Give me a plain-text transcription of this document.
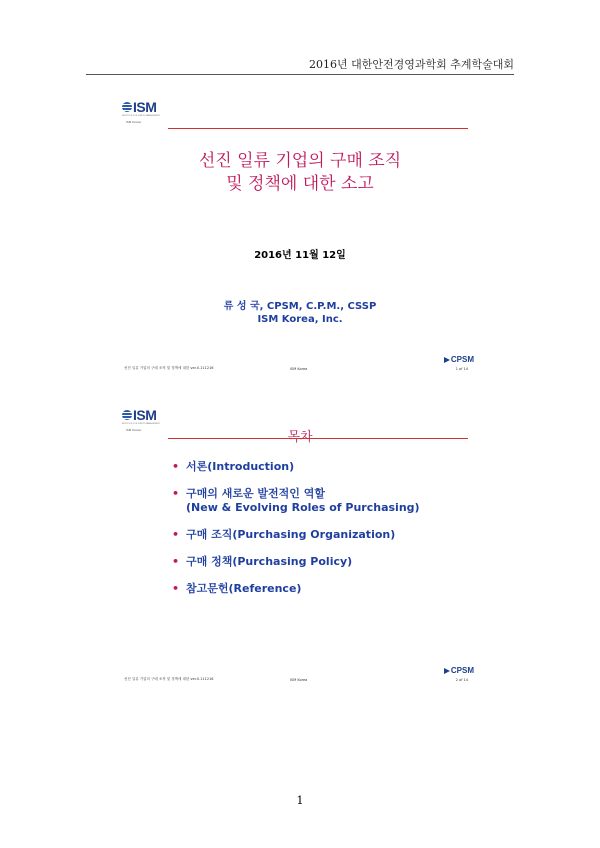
2016년 대한안전경영과학회 추계학술대회
ISM
INSTITUTE FOR SUPPLY MANAGEMENT
ISM Korea
선진 일류 기업의 구매 조직
및 정책에 대한 소고
2016년 11월 12일
류 성 국, CPSM, C.P.M., CSSP
ISM Korea, Inc.
CPSM
선진 일류 기업의 구매 조직 및 정책에 대한 ver.0.111216	ISM Korea	1 of 14
ISM
INSTITUTE FOR SUPPLY MANAGEMENT
ISM Korea	목차
• 서론(Introduction)
• 구매의 새로운 발전적인 역할
(New & Evolving Roles of Purchasing)
• 구매 조직(Purchasing Organization)
• 구매 정책(Purchasing Policy)
• 참고문헌(Reference)
CPSM
선진 일류 기업의 구매 조직 및 정책에 대한 ver.0.111216	ISM Korea	2 of 14
1
